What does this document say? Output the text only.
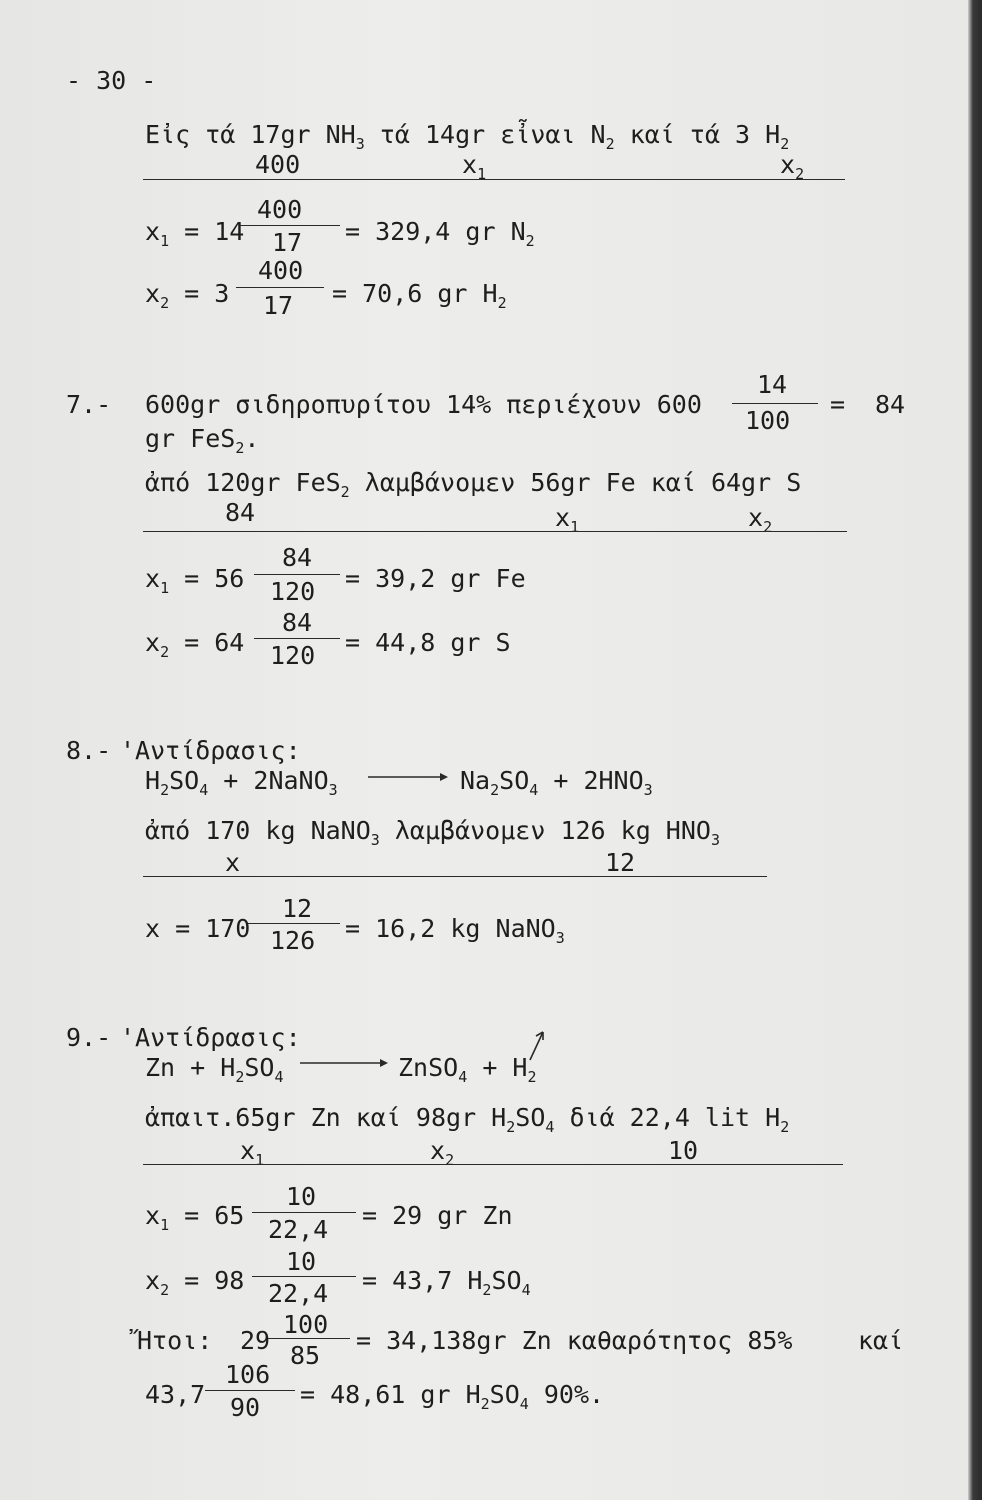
- 30 -
Εἰς τά 17gr $NH_3$ τά 14gr εἶναι $N_2$ καί τά 3 $H_2$
400	$x_1$	$x_2$
$x_1 = 14$
400
17 = 329,4 gr $N_2$
$x_2 = 3$
400
17 = 70,6 gr $H_2$
7.- 600gr σιδηροπυρίτου 14% περιέχουν 600
14
100
= 84
gr FeS$_2$.
ἀπό 120gr FeS$_2$ λαμβάνομεν 56gr Fe καί 64gr S
84	$x_1$	$x_2$
$x_1 = 56$
84
120 = 39,2 gr Fe
$x_2 = 64$
84
120 = 44,8 gr S
8.- 'Αντίδρασις:
$H_2SO_4$ + 2NaNO$_3$	$Na_2SO_4 + 2HNO_3$
ἀπό 170 kg NaNO$_3$ λαμβάνομεν 126 kg $HNO_3$
x	12
x = 170
12
126 = 16,2 kg NaNO$_3$
9.- 'Αντίδρασις:
$Zn + H_2SO_4$	ZnSO$_4$ + $H_2$
ἀπαιτ.65gr Zn καί 98gr $H_2SO_4$ διά 22,4 lit $H_2$
$x_1$	$x_2$	10
$x_1 = 65$
10
22,4 = 29 gr Zn
$x_2 = 98$
10
22,4 = 43,7 $H_2SO_4$
Ἤτοι: 29
100
85
= 34,138gr Zn καθαρότητος 85%	καί
43,7
106
90 = 48,61 gr $H_2SO_4$ 90%.
